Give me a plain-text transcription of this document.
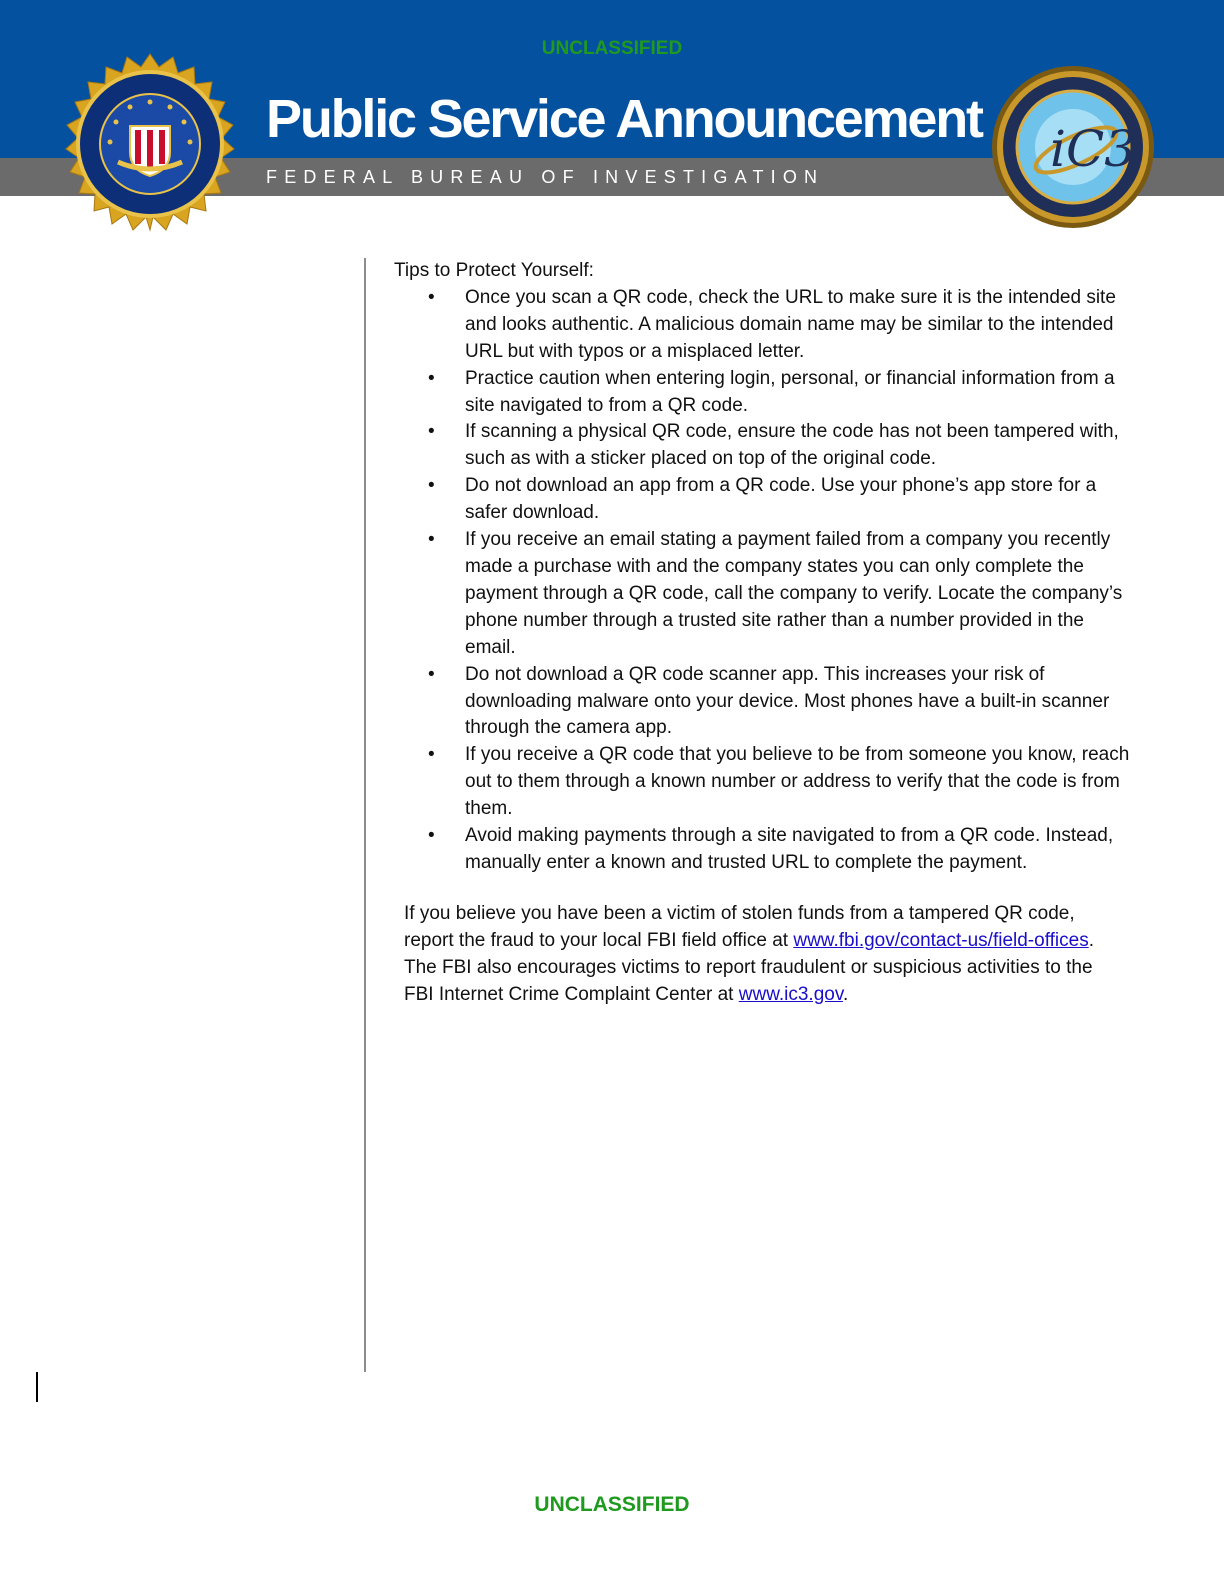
UNCLASSIFIED
Public Service Announcement
FEDERAL BUREAU OF INVESTIGATION	iC3

Tips to Protect Yourself:

• Once you scan a QR code, check the URL to make sure it is the intended site and looks authentic. A malicious domain name may be similar to the intended URL but with typos or a misplaced letter.
• Practice caution when entering login, personal, or financial information from a site navigated to from a QR code.
• If scanning a physical QR code, ensure the code has not been tampered with, such as with a sticker placed on top of the original code.
• Do not download an app from a QR code. Use your phone’s app store for a safer download.
• If you receive an email stating a payment failed from a company you recently made a purchase with and the company states you can only complete the payment through a QR code, call the company to verify. Locate the company’s phone number through a trusted site rather than a number provided in the email.
• Do not download a QR code scanner app. This increases your risk of downloading malware onto your device. Most phones have a built-in scanner through the camera app.
• If you receive a QR code that you believe to be from someone you know, reach out to them through a known number or address to verify that the code is from them.
• Avoid making payments through a site navigated to from a QR code. Instead, manually enter a known and trusted URL to complete the payment.

If you believe you have been a victim of stolen funds from a tampered QR code, report the fraud to your local FBI field office at www.fbi.gov/contact-us/field-offices. The FBI also encourages victims to report fraudulent or suspicious activities to the FBI Internet Crime Complaint Center at www.ic3.gov.

UNCLASSIFIED
